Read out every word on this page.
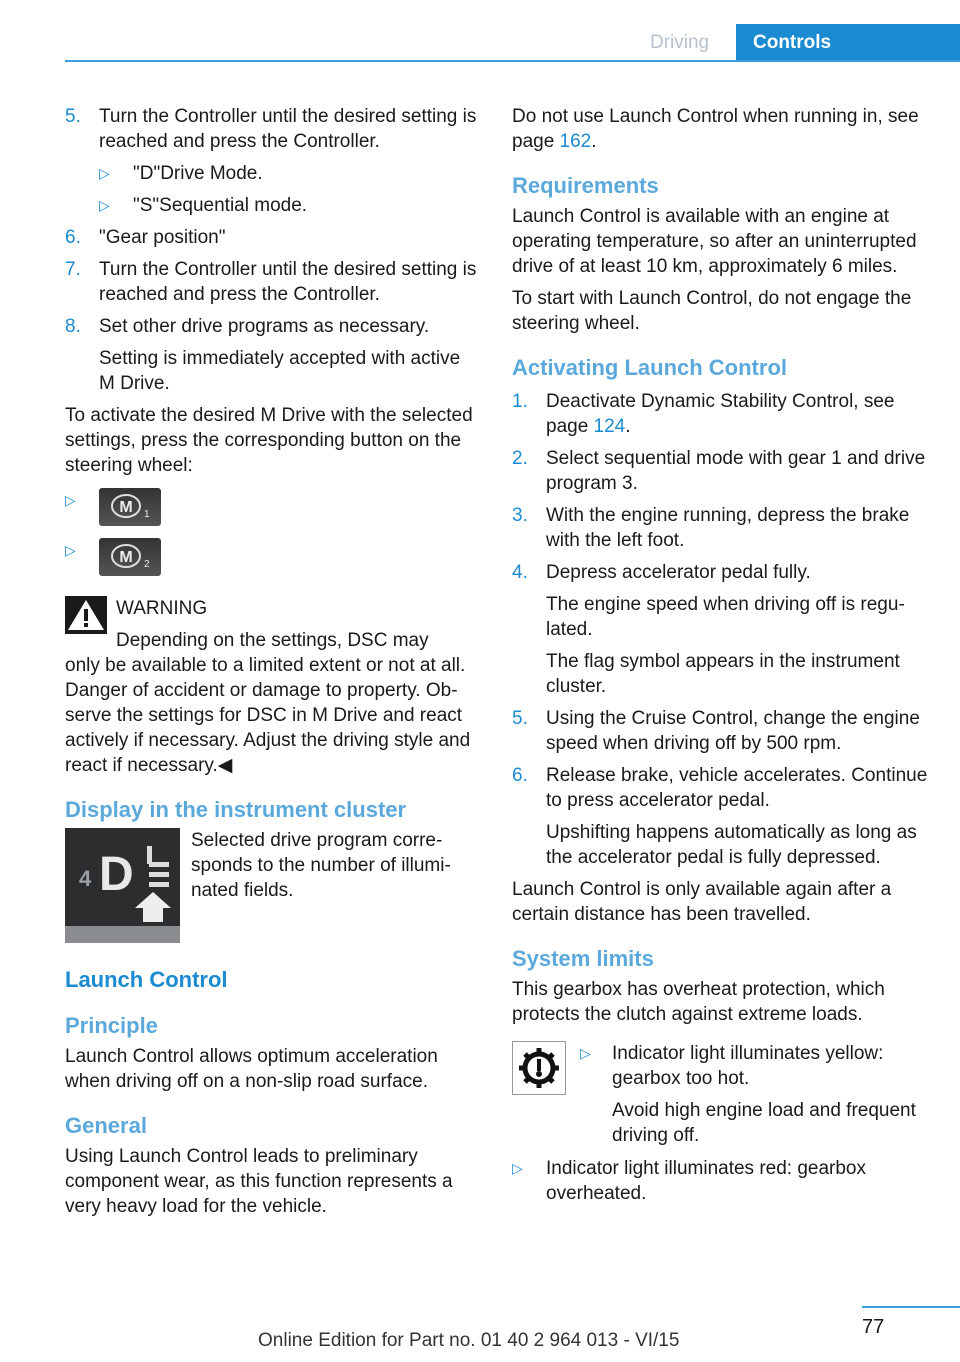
Driving	Controls
5. Turn the Controller until the desired setting is reached and press the Controller.

▷ "D"Drive Mode.

▷ "S"Sequential mode.

6. "Gear position"

7. Turn the Controller until the desired setting is reached and press the Controller.

8. Set other drive programs as necessary.

Setting is immediately accepted with active M Drive.

To activate the desired M Drive with the selected settings, press the corresponding button on the steering wheel:

▷	M 1
▷	M 2

WARNING

Depending on the settings, DSC may

only be available to a limited extent or not at all. Danger of accident or damage to property. Observe the settings for DSC in M Drive and react actively if necessary. Adjust the driving style and react if necessary.◀

Display in the instrument cluster
4 D

Selected drive program corresponds to the number of illuminated fields.

Launch Control
Principle

Launch Control allows optimum acceleration when driving off on a non-slip road surface.

General

Using Launch Control leads to preliminary component wear, as this function represents a very heavy load for the vehicle.

Do not use Launch Control when running in, see page 162.

Requirements

Launch Control is available with an engine at operating temperature, so after an uninterrupted drive of at least 10 km, approximately 6 miles.

To start with Launch Control, do not engage the steering wheel.

Activating Launch Control
1. Deactivate Dynamic Stability Control, see page 124.

2. Select sequential mode with gear 1 and drive program 3.

3. With the engine running, depress the brake with the left foot.

4. Depress accelerator pedal fully.

The engine speed when driving off is regulated.

The flag symbol appears in the instrument cluster.

5. Using the Cruise Control, change the engine speed when driving off by 500 rpm.

6. Release brake, vehicle accelerates. Continue to press accelerator pedal.

Upshifting happens automatically as long as the accelerator pedal is fully depressed.

Launch Control is only available again after a certain distance has been travelled.

System limits

This gearbox has overheat protection, which protects the clutch against extreme loads.

▷ Indicator light illuminates yellow: gearbox too hot.

Avoid high engine load and frequent driving off.

▷ Indicator light illuminates red: gearbox overheated.

77
Online Edition for Part no. 01 40 2 964 013 - VI/15
